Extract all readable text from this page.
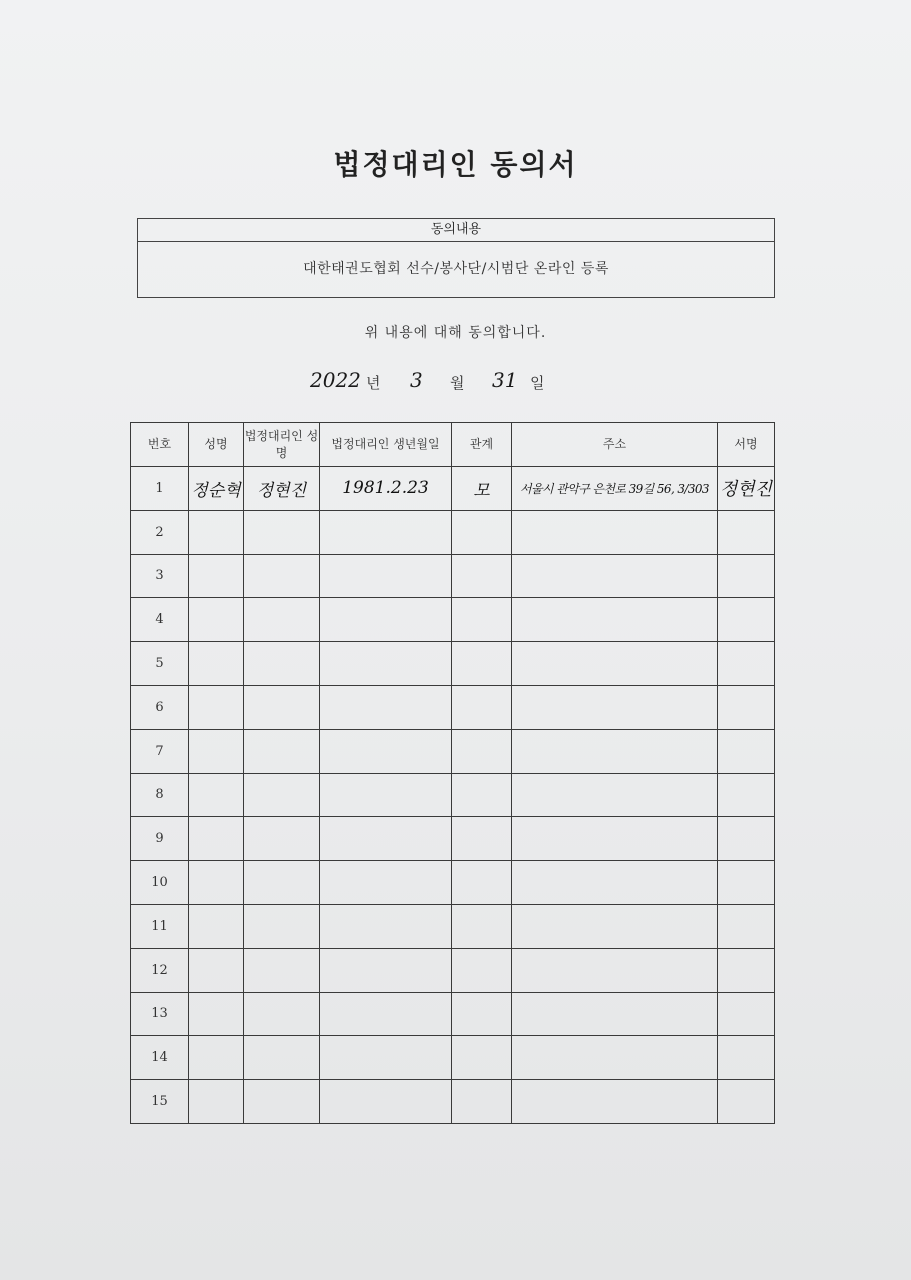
법정대리인 동의서
동의내용
대한태권도협회 선수/봉사단/시범단 온라인 등록
위 내용에 대해 동의합니다.
2022 년 3 월 31 일
번호	성명	법정대리인 성명	법정대리인 생년월일	관계	주소	서명
1	정순혁	정현진	1981.2.23	모	서울시 관악구 은천로 39길 56, 3/303	정현진
2						
3						
4						
5						
6						
7						
8						
9						
10						
11						
12						
13						
14						
15						
